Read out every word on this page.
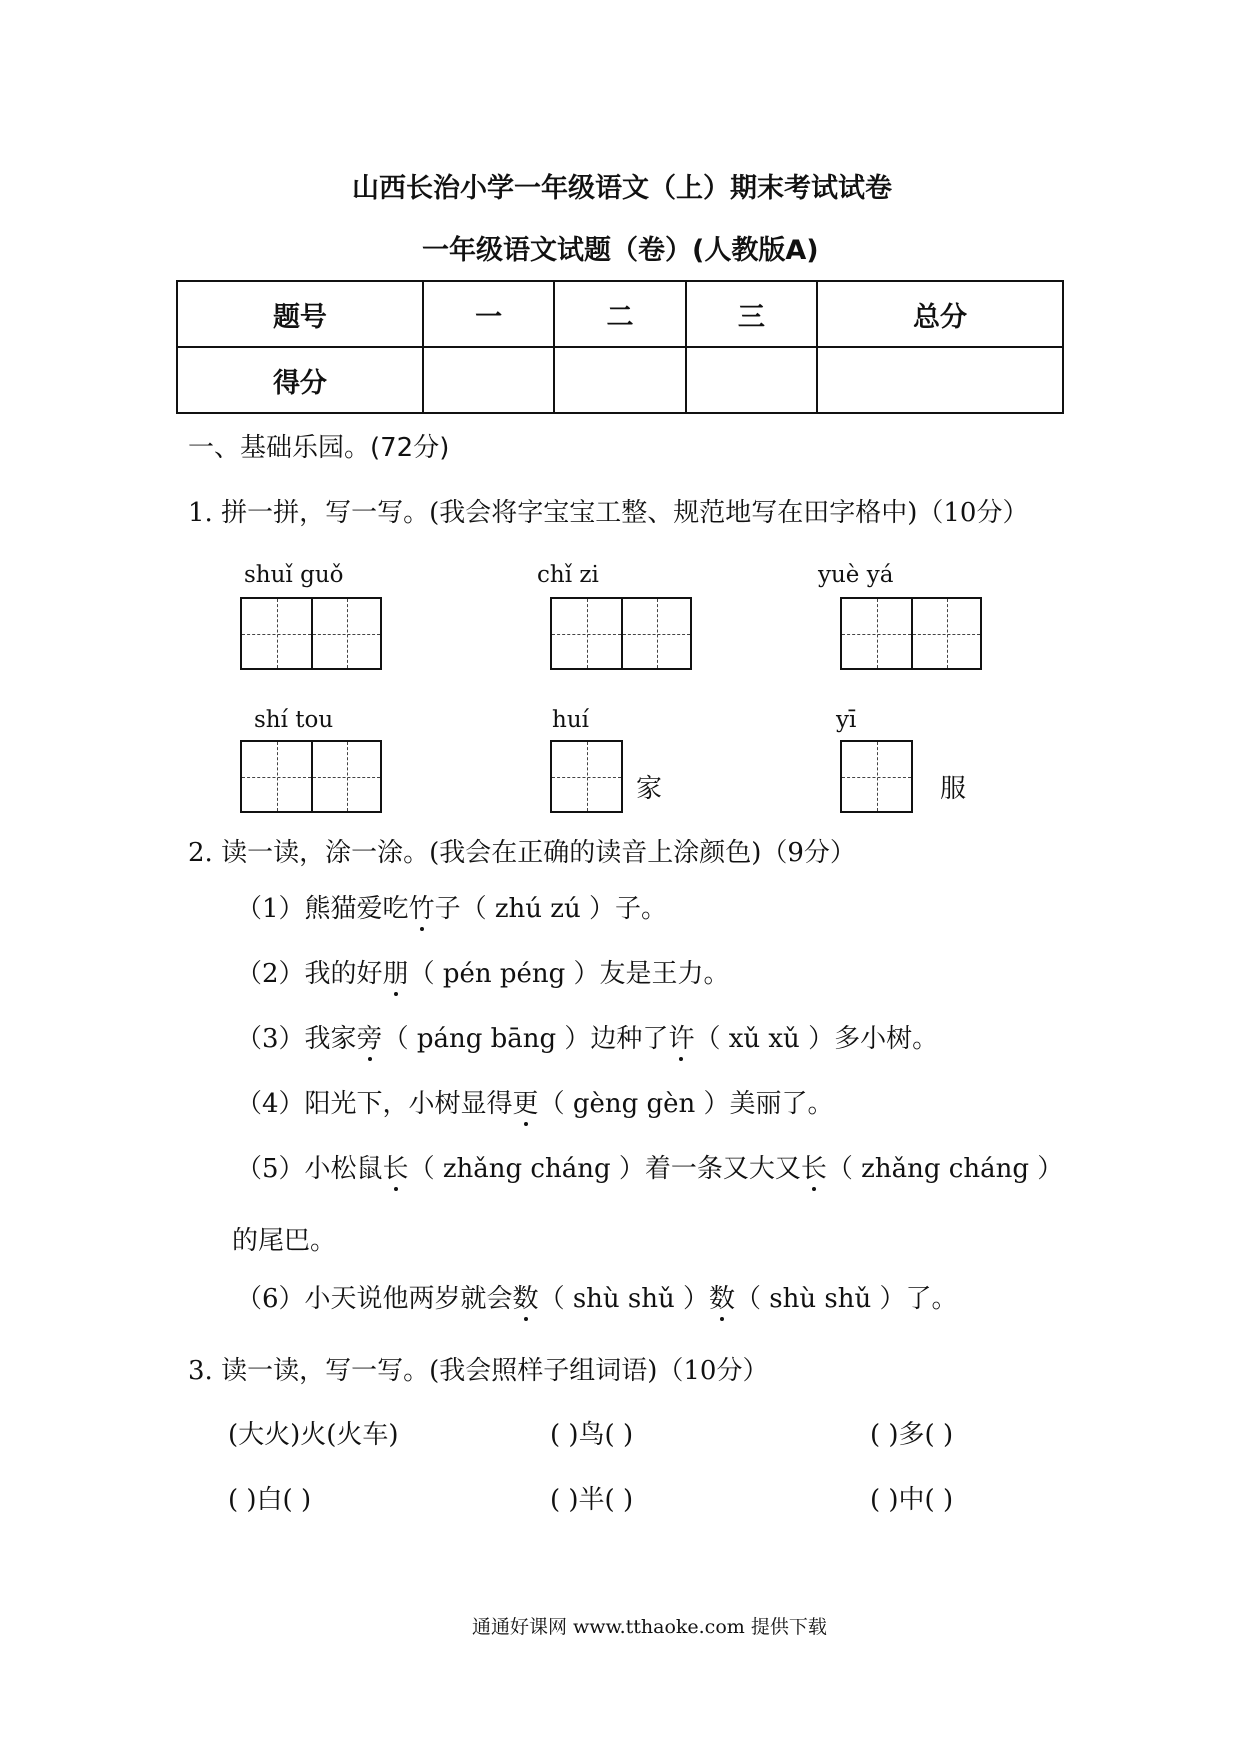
山西长治小学一年级语文（上）期末考试试卷
一年级语文试题（卷）(人教版A)
题号	一	二	三	总分
得分				
一、基础乐园。(72分)
1. 拼一拼，写一写。(我会将字宝宝工整、规范地写在田字格中)（10分）
shuǐ guǒ	chǐ zi	yuè yá
shí tou	huí
家
yī
服
2. 读一读，涂一涂。(我会在正确的读音上涂颜色)（9分）
（1）熊猫爱吃竹子（ zhú zú ）子。
（2）我的好朋（ pén péng ）友是王力。
（3）我家旁（ páng bāng ）边种了许（ xǔ xǔ ）多小树。
（4）阳光下，小树显得更（ gèng gèn ）美丽了。
（5）小松鼠长（ zhǎng cháng ）着一条又大又长（ zhǎng cháng ）
的尾巴。
（6）小天说他两岁就会数（ shù shǔ ）数（ shù shǔ ）了。
3. 读一读，写一写。(我会照样子组词语)（10分）
(大火)火(火车)	( )鸟( )	( )多( )
( )白( )	( )半( )	( )中( )
通通好课网 www.tthaoke.com 提供下载
